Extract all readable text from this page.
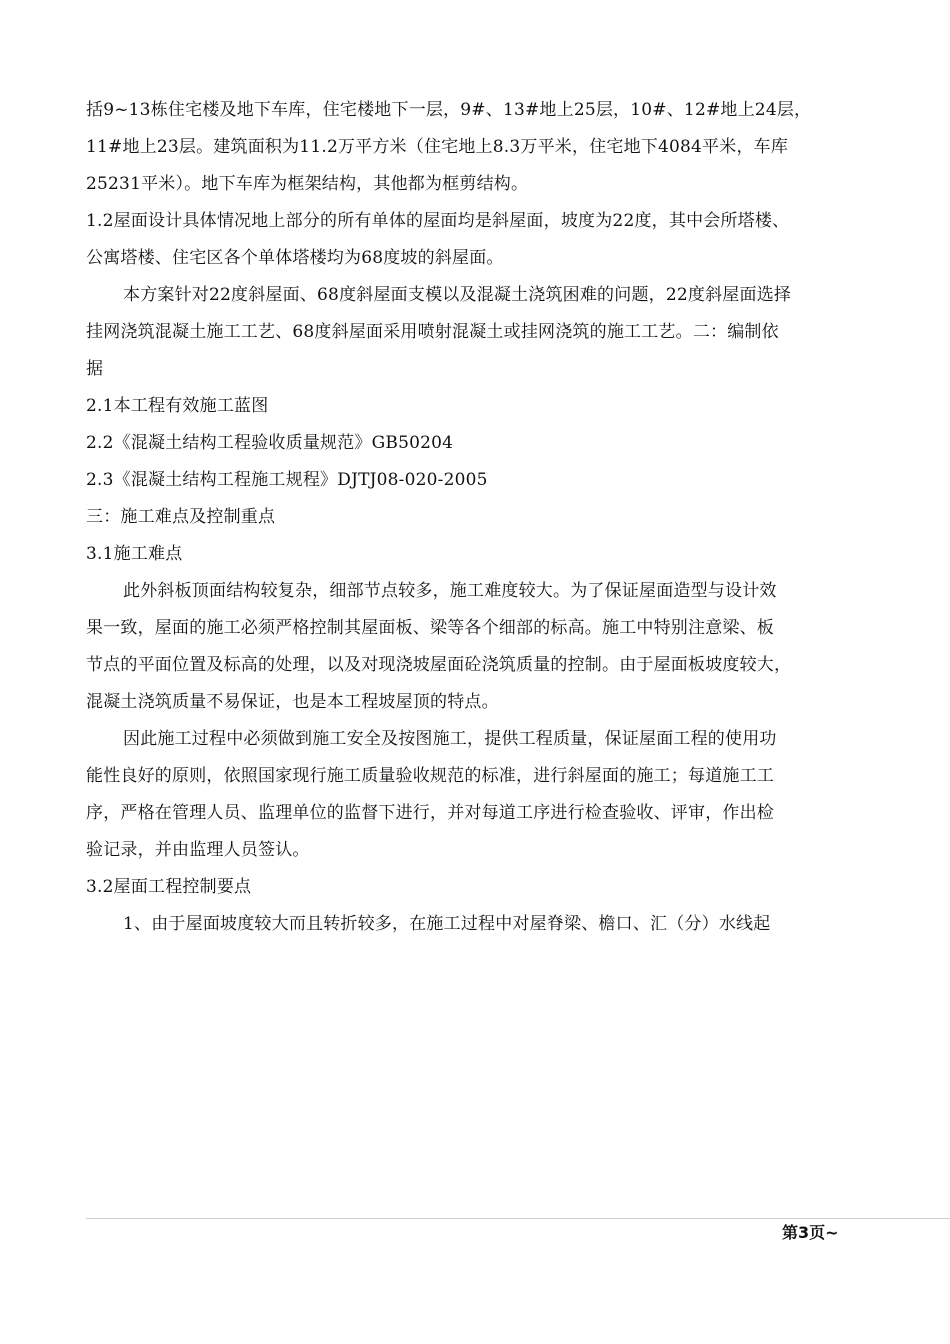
括9~13栋住宅楼及地下车库，住宅楼地下一层，9#、13#地上25层，10#、12#地上24层，
11#地上23层。建筑面积为11.2万平方米（住宅地上8.3万平米，住宅地下4084平米，车库
25231平米）。地下车库为框架结构，其他都为框剪结构。
1.2屋面设计具体情况地上部分的所有单体的屋面均是斜屋面，坡度为22度，其中会所塔楼、
公寓塔楼、住宅区各个单体塔楼均为68度坡的斜屋面。
本方案针对22度斜屋面、68度斜屋面支模以及混凝土浇筑困难的问题，22度斜屋面选择
挂网浇筑混凝土施工工艺、68度斜屋面采用喷射混凝土或挂网浇筑的施工工艺。二：编制依
据
2.1本工程有效施工蓝图
2.2《混凝土结构工程验收质量规范》GB50204
2.3《混凝土结构工程施工规程》DJTJ08-020-2005
三：施工难点及控制重点
3.1施工难点
此外斜板顶面结构较复杂，细部节点较多，施工难度较大。为了保证屋面造型与设计效
果一致，屋面的施工必须严格控制其屋面板、梁等各个细部的标高。施工中特别注意梁、板
节点的平面位置及标高的处理，以及对现浇坡屋面砼浇筑质量的控制。由于屋面板坡度较大，
混凝土浇筑质量不易保证，也是本工程坡屋顶的特点。
因此施工过程中必须做到施工安全及按图施工，提供工程质量，保证屋面工程的使用功
能性良好的原则，依照国家现行施工质量验收规范的标准，进行斜屋面的施工；每道施工工
序，严格在管理人员、监理单位的监督下进行，并对每道工序进行检查验收、评审，作出检
验记录，并由监理人员签认。
3.2屋面工程控制要点
1、由于屋面坡度较大而且转折较多，在施工过程中对屋脊梁、檐口、汇（分）水线起
第3页~
